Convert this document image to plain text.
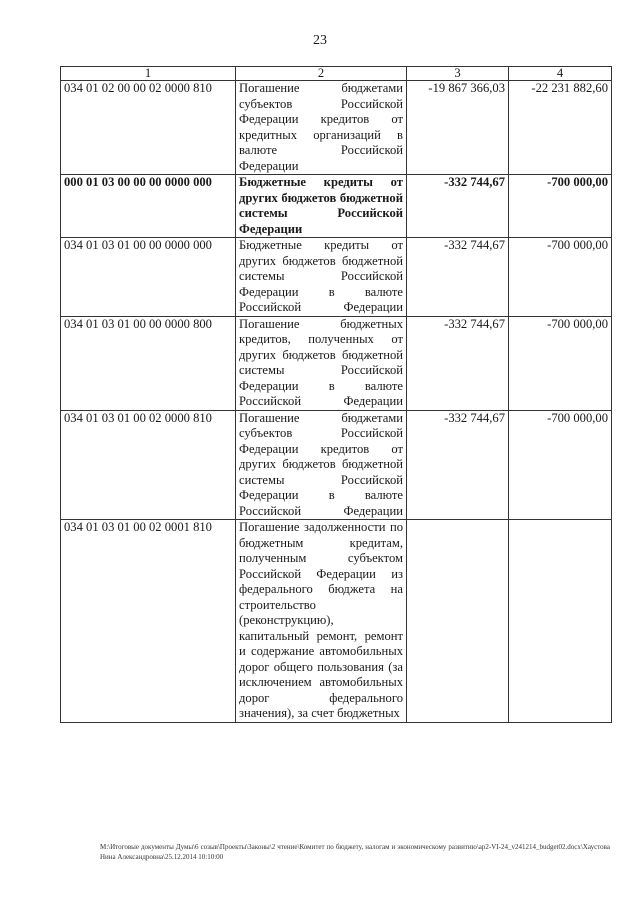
23
1	2	3	4
034 01 02 00 00 02 0000 810	Погашение бюджетами субъектов Российской Федерации кредитов от кредитных организаций в валюте Российской Федерации	-19 867 366,03	-22 231 882,60
000 01 03 00 00 00 0000 000	Бюджетные кредиты от других бюджетов бюджетной системы Российской Федерации	-332 744,67	-700 000,00
034 01 03 01 00 00 0000 000	Бюджетные кредиты от других бюджетов бюджетной системы Российской Федерации в валюте Российской Федерации	-332 744,67	-700 000,00
034 01 03 01 00 00 0000 800	Погашение бюджетных кредитов, полученных от других бюджетов бюджетной системы Российской Федерации в валюте Российской Федерации	-332 744,67	-700 000,00
034 01 03 01 00 02 0000 810	Погашение бюджетами субъектов Российской Федерации кредитов от других бюджетов бюджетной системы Российской Федерации в валюте Российской Федерации	-332 744,67	-700 000,00
034 01 03 01 00 02 0001 810	Погашение задолженности по бюджетным кредитам, полученным субъектом Российской Федерации из федерального бюджета на строительство (реконструкцию), капитальный ремонт, ремонт и содержание автомобильных дорог общего пользования (за исключением автомобильных дорог федерального значения), за счет бюджетных		
M:\Итоговые документы Думы\6 созыв\Проекты\Законы\2 чтение\Комитет по бюджету, налогам и экономическому развитию\ар2-VI-24_v241214_budget02.docx\Хаустова Нина Александровна\25.12.2014 10:10:00
